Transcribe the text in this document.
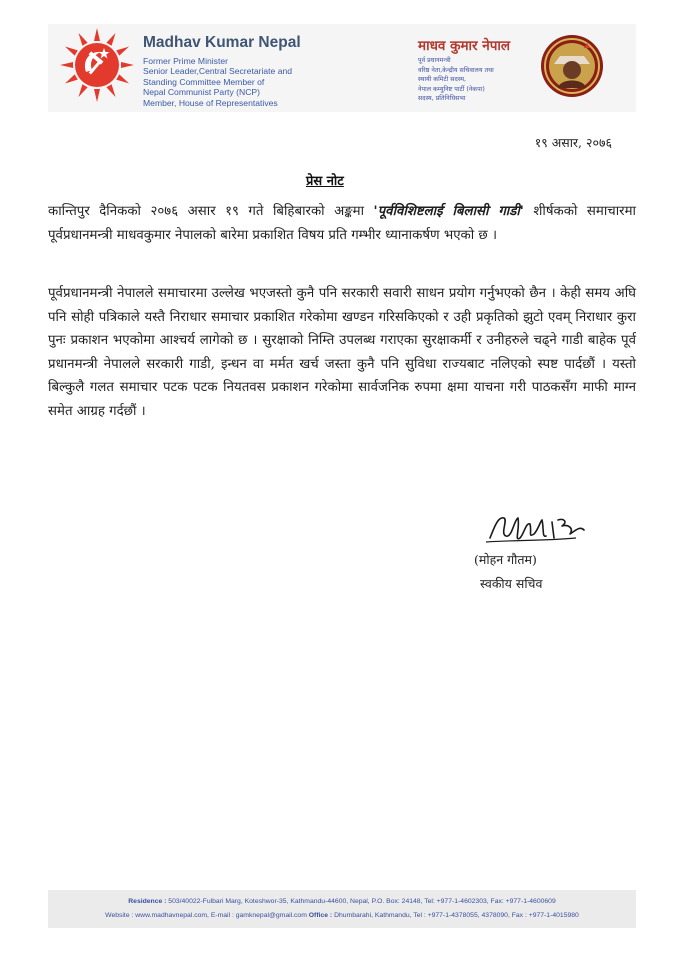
Madhav Kumar Nepal
Former Prime Minister
Senior Leader,Central Secretariate and
Standing Committee Member of
Nepal Communist Party (NCP)
Member, House of Representatives
माधव कुमार नेपाल
पूर्व प्रधानमन्त्री
वरिष्ठ नेता,केन्द्रीय सचिवालय तथा
स्थायी कमिटी सदस्य,
नेपाल कम्युनिष्ट पार्टी (नेकपा)
सदस्य, प्रतिनिधिसभा
१९ असार, २०७६
प्रेस नोट

कान्तिपुर दैनिकको २०७६ असार १९ गते बिहिबारको अङ्कमा 'पूर्वविशिष्टलाई बिलासी गाडी' शीर्षकको समाचारमा पूर्वप्रधानमन्त्री माधवकुमार नेपालको बारेमा प्रकाशित विषय प्रति गम्भीर ध्यानाकर्षण भएको छ ।

पूर्वप्रधानमन्त्री नेपालले समाचारमा उल्लेख भएजस्तो कुनै पनि सरकारी सवारी साधन प्रयोग गर्नुभएको छैन । केही समय अघि पनि सोही पत्रिकाले यस्तै निराधार समाचार प्रकाशित गरेकोमा खण्डन गरिसकिएको र उही प्रकृतिको झुटो एवम् निराधार कुरा पुनः प्रकाशन भएकोमा आश्चर्य लागेको छ । सुरक्षाको निम्ति उपलब्ध गराएका सुरक्षाकर्मी र उनीहरुले चढ्ने गाडी बाहेक पूर्व प्रधानमन्त्री नेपालले सरकारी गाडी, इन्धन वा मर्मत खर्च जस्ता कुनै पनि सुविधा राज्यबाट नलिएको स्पष्ट पार्दछौं । यस्तो बिल्कुलै गलत समाचार पटक पटक नियतवस प्रकाशन गरेकोमा सार्वजनिक रुपमा क्षमा याचना गरी पाठकसँग माफी माग्न समेत आग्रह गर्दछौं ।

(मोहन गौतम)
स्वकीय सचिव
Residence : 503/40022-Fulbari Marg, Koteshwor-35, Kathmandu-44600, Nepal, P.O. Box: 24148, Tel: +977-1-4602303, Fax: +977-1-4600609
Website : www.madhavnepal.com, E-mail : gamknepal@gmail.com Office : Dhumbarahi, Kathmandu, Tel : +977-1-4378055, 4378090, Fax : +977-1-4015980
